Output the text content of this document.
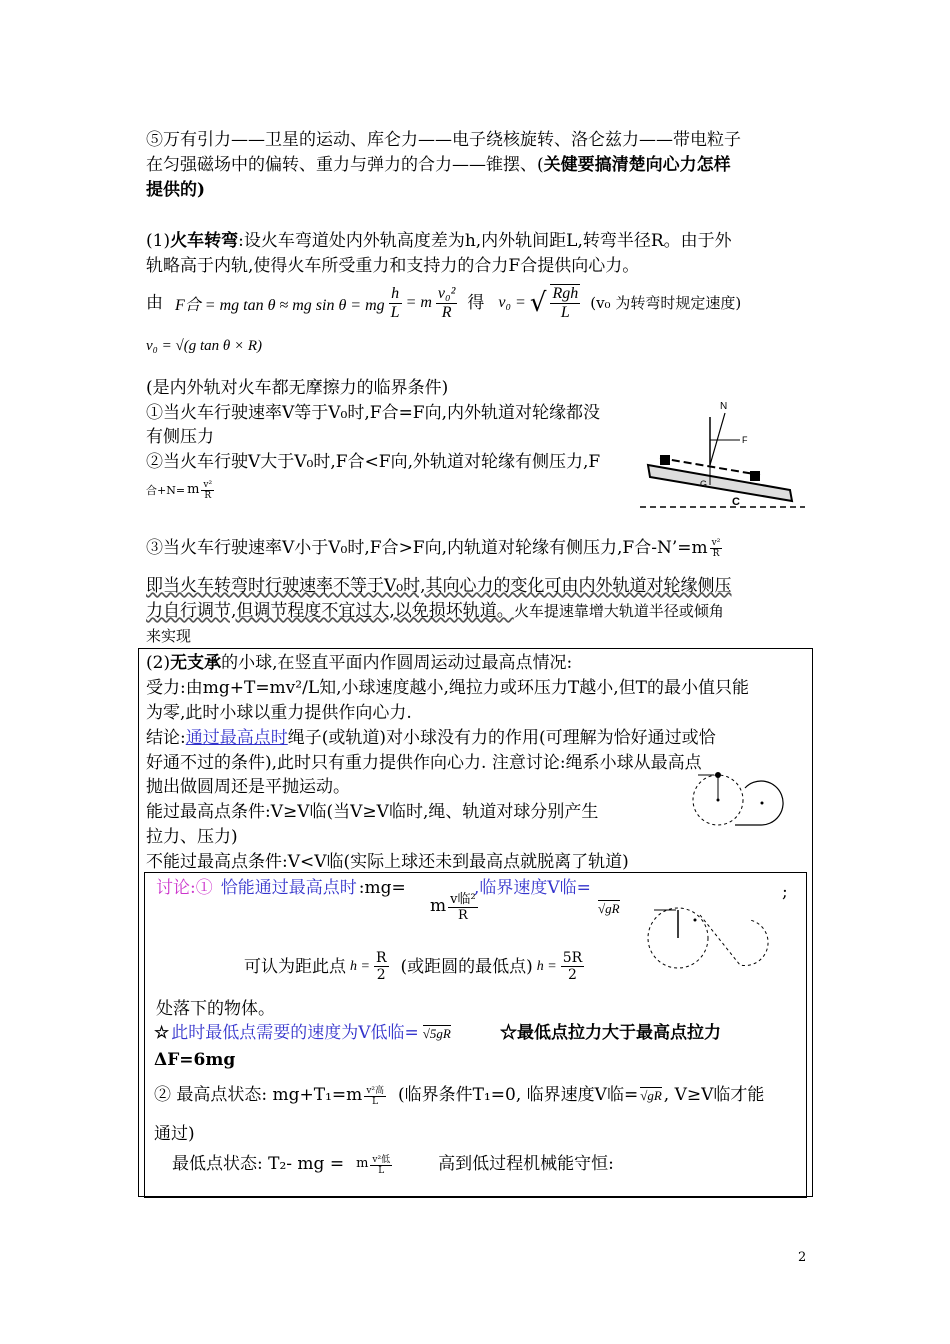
⑤万有引力——卫星的运动、库仑力——电子绕核旋转、洛仑兹力——带电粒子
在匀强磁场中的偏转、重力与弹力的合力——锥摆、(关健要搞清楚向心力怎样
提供的)
(1)火车转弯:设火车弯道处内外轨高度差为h,内外轨间距L,转弯半径R。由于外
轨略高于内轨,使得火车所受重力和支持力的合力F合提供向心力。
由 F合 = mg tan θ ≈ mg sin θ = mg $\frac{h}{L} = m \frac{\text{v₀²}}{R}$ 得 v₀ = √ $\frac{\text{Rgh}}{L} (v_0$ 为转弯时规定速度)
v₀ = √(g tan θ × R)
(是内外轨对火车都无摩擦力的临界条件)
①当火车行驶速率V等于V₀时,F合=F向,内外轨道对轮缘都没
有侧压力
②当火车行驶V大于V₀时,F合<F向,外轨道对轮缘有侧压力,F
合+N= m $\frac{\text{v²}}{R}$
③当火车行驶速率V小于V₀时,F合>F向,内轨道对轮缘有侧压力,F合-N’=m $\frac{\text{v²}}{R}$
即当火车转弯时行驶速率不等于V₀时,其向心力的变化可由内外轨道对轮缘侧压
力自行调节,但调节程度不宜过大,以免损坏轨道。火车提速靠增大轨道半径或倾角
来实现
N
F
G
C
(2)无支承的小球,在竖直平面内作圆周运动过最高点情况:
受力:由mg+T=mv²/L知,小球速度越小,绳拉力或环压力T越小,但T的最小值只能
为零,此时小球以重力提供作向心力.
结论:通过最高点时绳子(或轨道)对小球没有力的作用(可理解为恰好通过或恰
好通不过的条件),此时只有重力提供作向心力. 注意讨论:绳系小球从最高点
抛出做圆周还是平抛运动。
能过最高点条件:V≥V临(当V≥V临时,绳、轨道对球分别产生
拉力、压力)
不能过最高点条件:V<V临(实际上球还未到最高点就脱离了轨道)
讨论:① 恰能通过最高点时 :mg=
m $\frac{\text{v临²}}{R}$
,临界速度V临=
√gR
;
可认为距此点 $h = \frac{R}{2}$ (或距圆的最低点) $h = \frac{5R}{2}$
处落下的物体。
☆ 此时最低点需要的速度为V低临= √5gR	☆最低点拉力大于最高点拉力
ΔF=6mg
② 最高点状态: $mg+T_1=m \frac{\text{v²高}}{L}$ (临界条件T₁=0, 临界速度V临= √gR , V≥V临才能
通过)
最低点状态: T₂- mg = m $\frac{\text{v²低}}{L}$	高到低过程机械能守恒:
2
